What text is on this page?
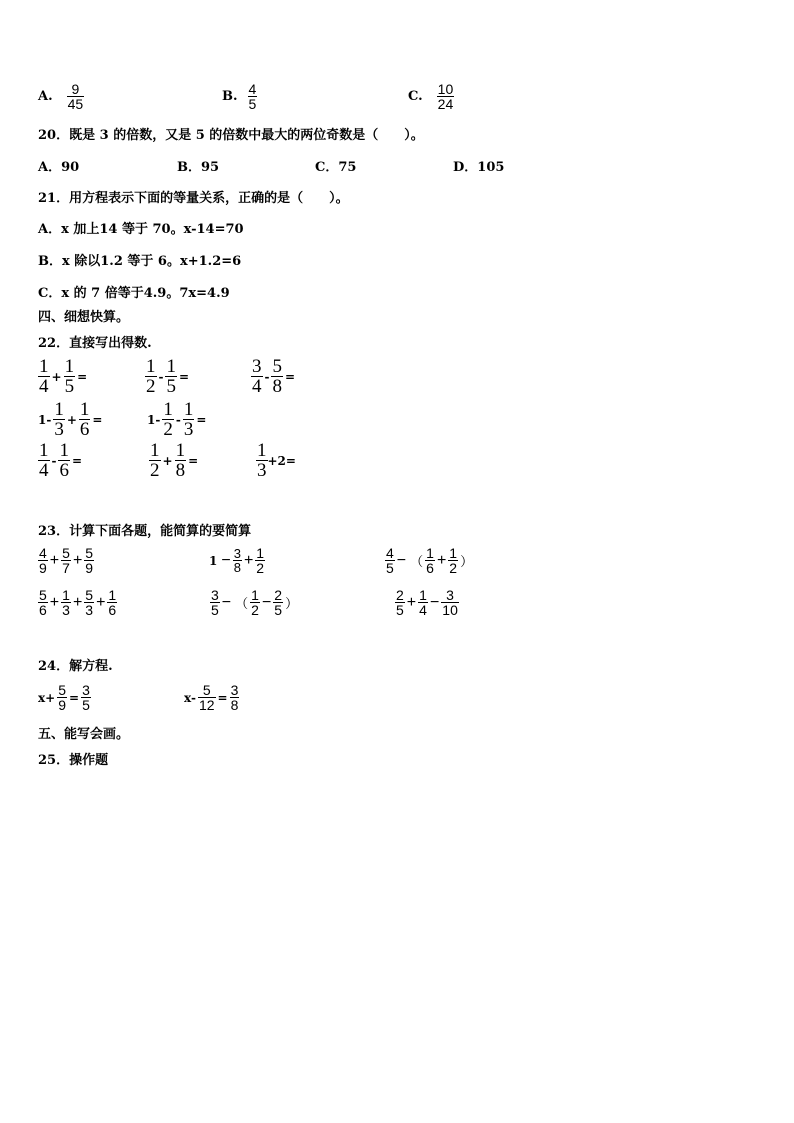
A. $\frac{9}{45}$	B. $\frac{4}{5}$	C. $\frac{10}{24}$
20．既是 3 的倍数，又是 5 的倍数中最大的两位奇数是（　　）。
A．90	B．95	C．75	D．105
21．用方程表示下面的等量关系，正确的是（　　）。
A．x 加上14 等于 70。x-14=70
B．x 除以1.2 等于 6。x+1.2=6
C．x 的 7 倍等于4.9。7x=4.9
四、细想快算。
22．直接写出得数.
$\frac{1}{4} + \frac{1}{5}$ =	$\frac{1}{2} - \frac{1}{5}$ =	$\frac{3}{4} - \frac{5}{8}$ =
$1- \frac{1}{3} + \frac{1}{6}$ =	$1- \frac{1}{2} - \frac{1}{3}$ =
$\frac{1}{4} - \frac{1}{6}$ =	$\frac{1}{2} + \frac{1}{8}$ =	$\frac{1}{3} +2=$
23．计算下面各题，能简算的要简算
$\frac{4}{9} + \frac{5}{7} + \frac{5}{9}$	$1 - \frac{3}{8} + \frac{1}{2}$	$\frac{4}{5}$ − （ $\frac{1}{6} + \frac{1}{2}$ ）
$\frac{5}{6} + \frac{1}{3} + \frac{5}{3} + \frac{1}{6}$	$\frac{3}{5}$ − （ $\frac{1}{2} - \frac{2}{5}$ ）	$\frac{2}{5} + \frac{1}{4} - \frac{3}{10}$
24．解方程.
$x+ \frac{5}{9} = \frac{3}{5}$	$x- \frac{5}{12} = \frac{3}{8}$
五、能写会画。
25．操作题
